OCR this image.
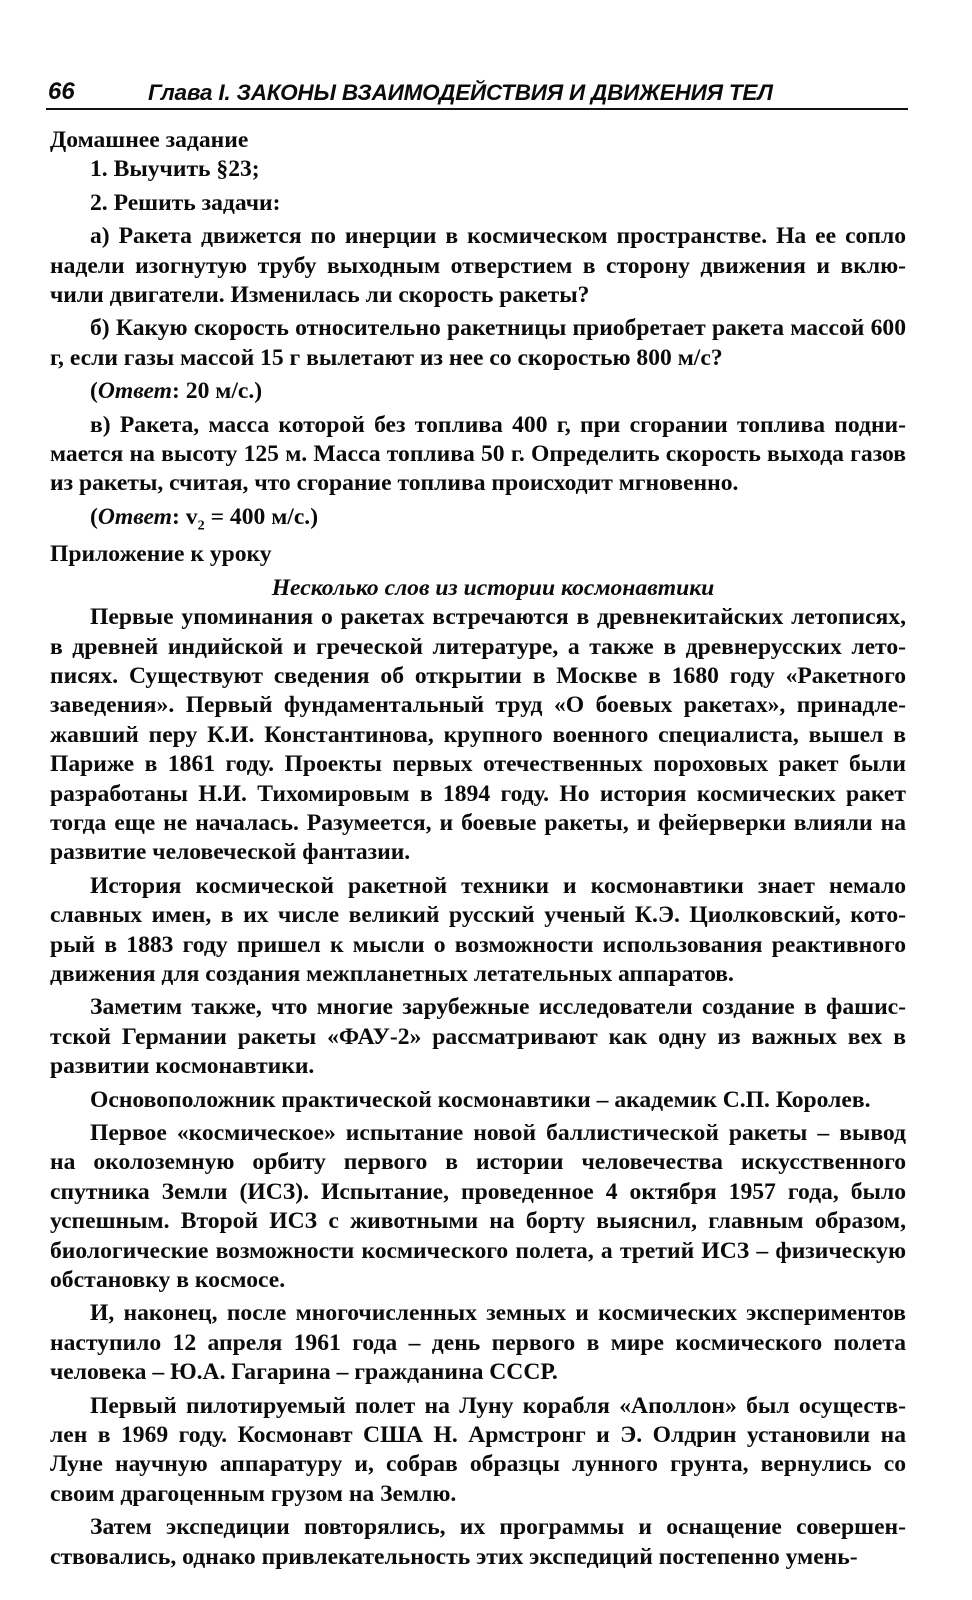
66	Глава I. ЗАКОНЫ ВЗАИМОДЕЙСТВИЯ И ДВИЖЕНИЯ ТЕЛ

Домашнее задание

1. Выучить §23;

2. Решить задачи:

а) Ракета движется по инерции в космическом пространстве. На ее сопло надели изогнутую трубу выходным отверстием в сторону движения и включили двигатели. Изменилась ли скорость ракеты?

б) Какую скорость относительно ракетницы приобретает ракета массой 600 г, если газы массой 15 г вылетают из нее со скоростью 800 м/с?

(Ответ: 20 м/с.)

в) Ракета, масса которой без топлива 400 г, при сгорании топлива поднимается на высоту 125 м. Масса топлива 50 г. Определить скорость выхода газов из ракеты, считая, что сгорание топлива происходит мгновенно.

(Ответ: $v_2 = 400$ м/с.)

Приложение к уроку

Несколько слов из истории космонавтики

Первые упоминания о ракетах встречаются в древнекитайских летописях, в древней индийской и греческой литературе, а также в древнерусских летописях. Существуют сведения об открытии в Москве в 1680 году «Ракетного заведения». Первый фундаментальный труд «О боевых ракетах», принадлежавший перу К.И. Константинова, крупного военного специалиста, вышел в Париже в 1861 году. Проекты первых отечественных пороховых ракет были разработаны Н.И. Тихомировым в 1894 году. Но история космических ракет тогда еще не началась. Разумеется, и боевые ракеты, и фейерверки влияли на развитие человеческой фантазии.

История космической ракетной техники и космонавтики знает немало славных имен, в их числе великий русский ученый К.Э. Циолковский, который в 1883 году пришел к мысли о возможности использования реактивного движения для создания межпланетных летательных аппаратов.

Заметим также, что многие зарубежные исследователи создание в фашистской Германии ракеты «ФАУ-2» рассматривают как одну из важных вех в развитии космонавтики.

Основоположник практической космонавтики – академик С.П. Королев.

Первое «космическое» испытание новой баллистической ракеты – вывод на околоземную орбиту первого в истории человечества искусственного спутника Земли (ИСЗ). Испытание, проведенное 4 октября 1957 года, было успешным. Второй ИСЗ с животными на борту выяснил, главным образом, биологические возможности космического полета, а третий ИСЗ – физическую обстановку в космосе.

И, наконец, после многочисленных земных и космических экспериментов наступило 12 апреля 1961 года – день первого в мире космического полета человека – Ю.А. Гагарина – гражданина СССР.

Первый пилотируемый полет на Луну корабля «Аполлон» был осуществлен в 1969 году. Космонавт США Н. Армстронг и Э. Олдрин установили на Луне научную аппаратуру и, собрав образцы лунного грунта, вернулись со своим драгоценным грузом на Землю.

Затем экспедиции повторялись, их программы и оснащение совершенствовались, однако привлекательность этих экспедиций постепенно умень-
